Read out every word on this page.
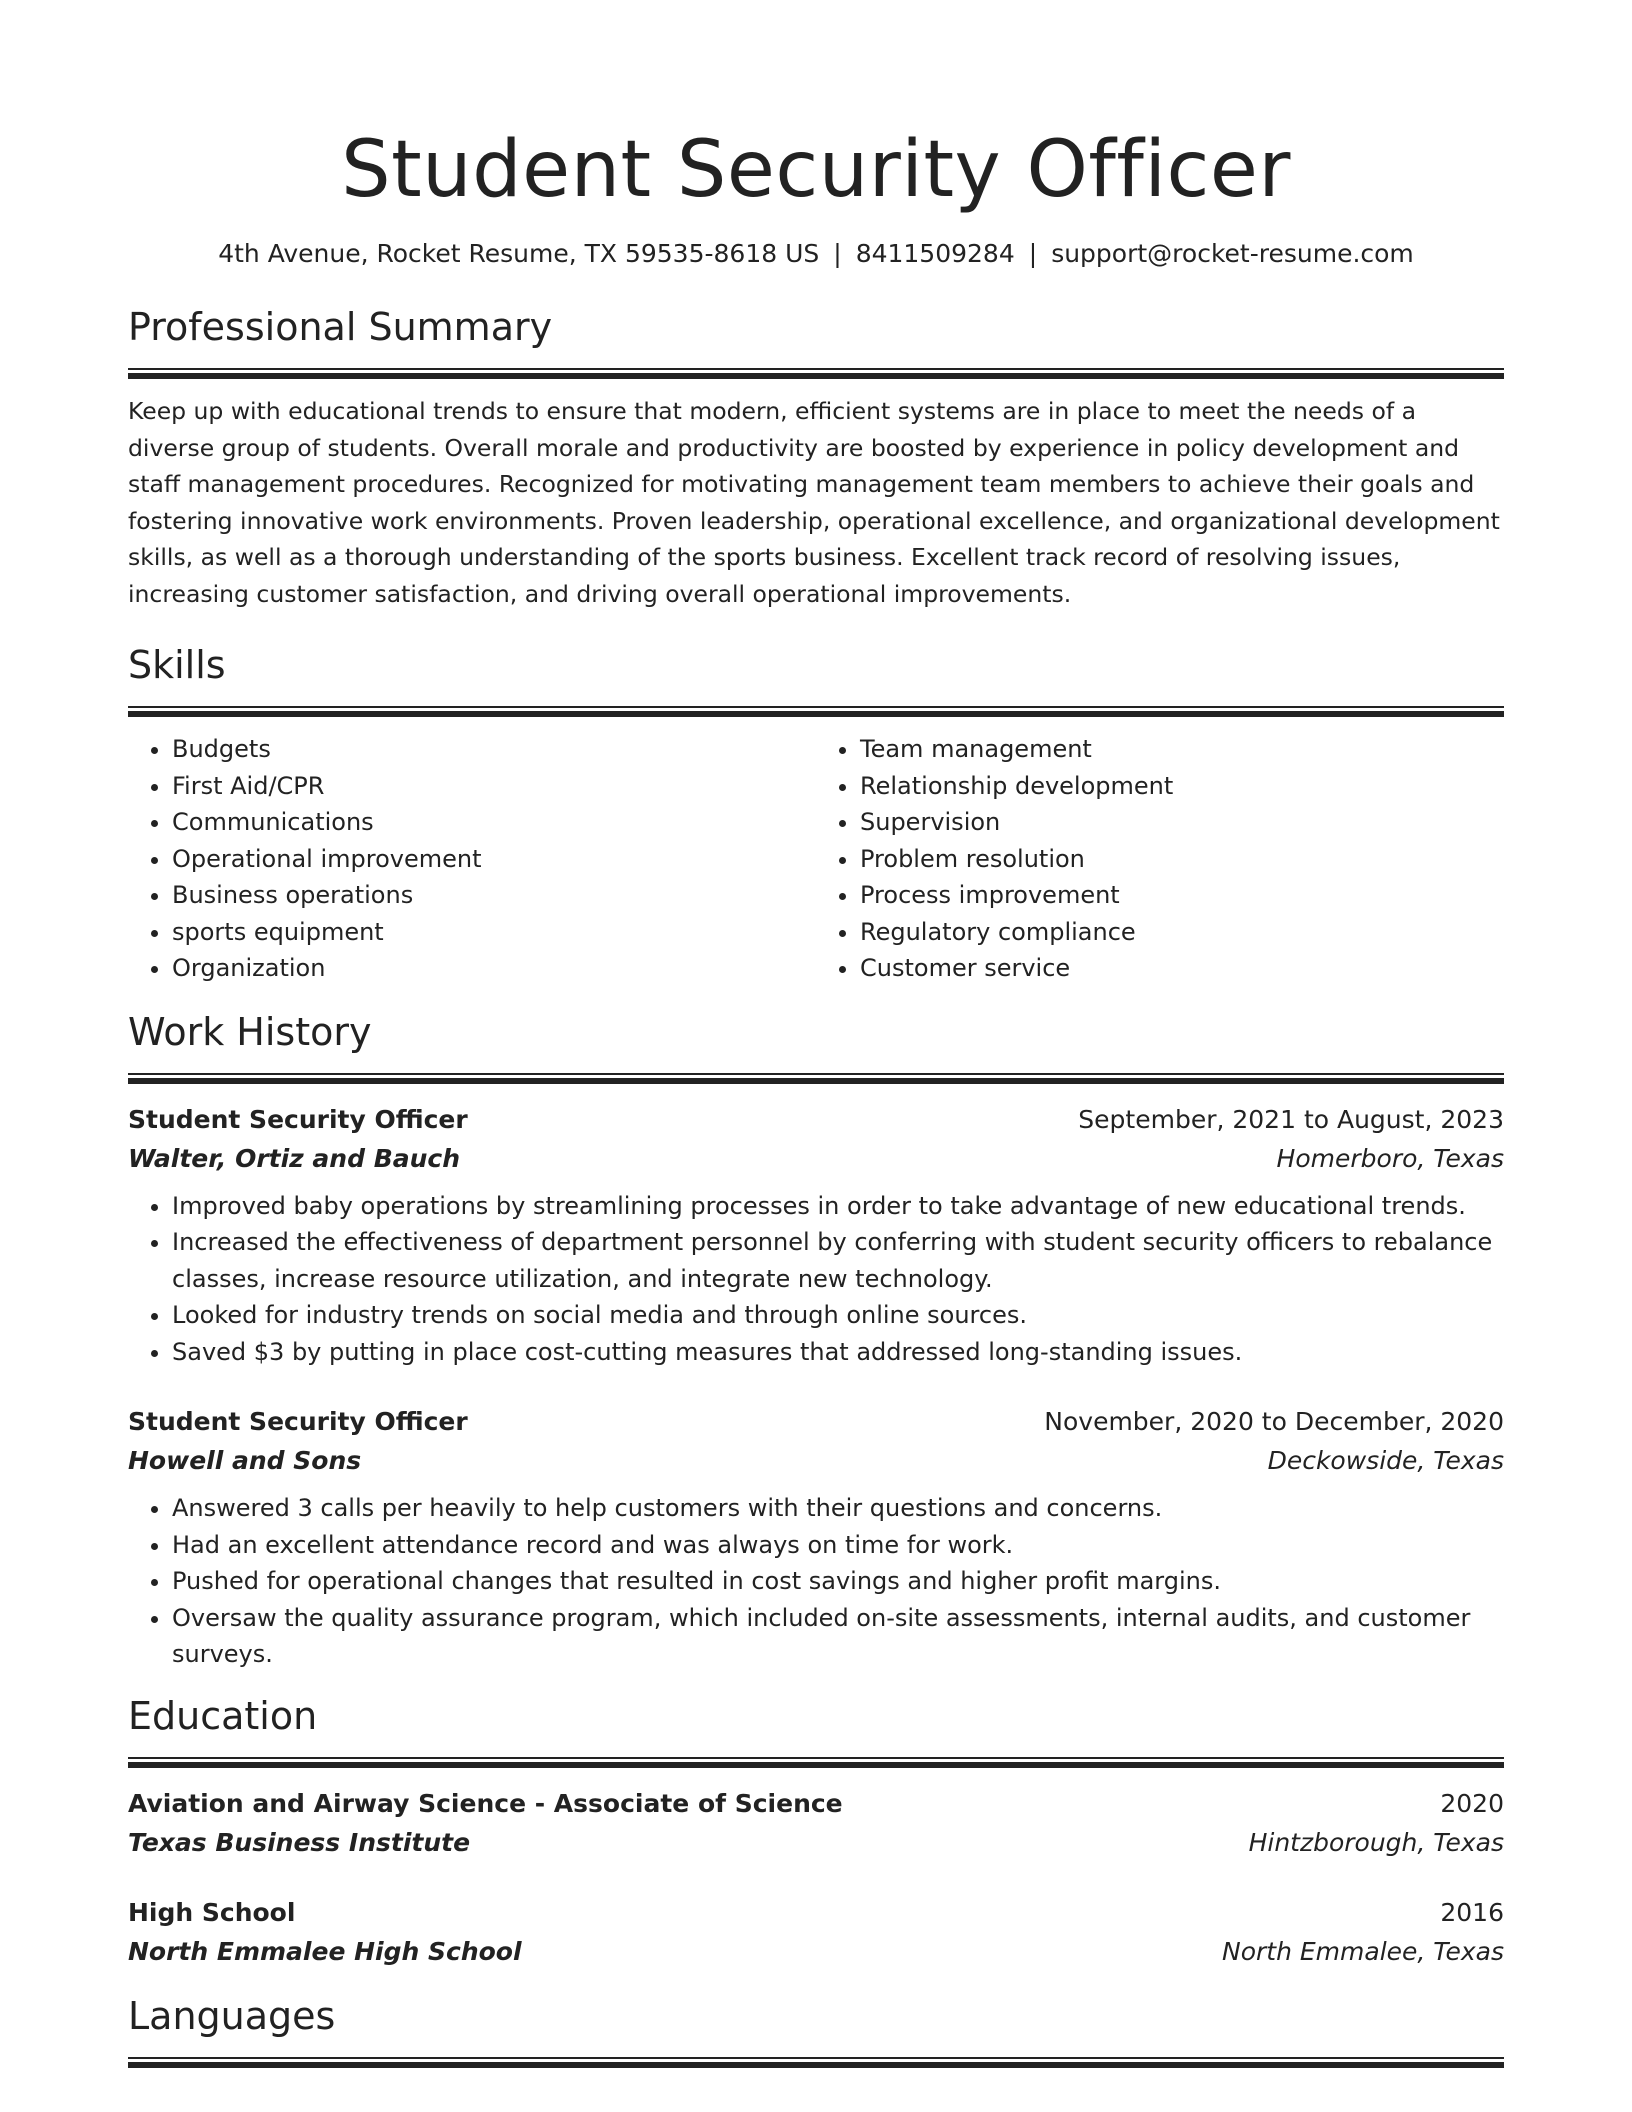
Student Security Officer
4th Avenue, Rocket Resume, TX 59535-8618 US | 8411509284 | support@rocket-resume.com
Professional Summary
Keep up with educational trends to ensure that modern, efficient systems are in place to meet the needs of a diverse group of students. Overall morale and productivity are boosted by experience in policy development and staff management procedures. Recognized for motivating management team members to achieve their goals and fostering innovative work environments. Proven leadership, operational excellence, and organizational development skills, as well as a thorough understanding of the sports business. Excellent track record of resolving issues, increasing customer satisfaction, and driving overall operational improvements.
Skills
• Budgets
• First Aid/CPR
• Communications
• Operational improvement
• Business operations
• sports equipment
• Organization
• Team management
• Relationship development
• Supervision
• Problem resolution
• Process improvement
• Regulatory compliance
• Customer service
Work History
Student Security Officer	September, 2021 to August, 2023
Walter, Ortiz and Bauch	Homerboro, Texas
• Improved baby operations by streamlining processes in order to take advantage of new educational trends.
• Increased the effectiveness of department personnel by conferring with student security officers to rebalance classes, increase resource utilization, and integrate new technology.
• Looked for industry trends on social media and through online sources.
• Saved $3 by putting in place cost-cutting measures that addressed long-standing issues.
Student Security Officer	November, 2020 to December, 2020
Howell and Sons	Deckowside, Texas
• Answered 3 calls per heavily to help customers with their questions and concerns.
• Had an excellent attendance record and was always on time for work.
• Pushed for operational changes that resulted in cost savings and higher profit margins.
• Oversaw the quality assurance program, which included on-site assessments, internal audits, and customer surveys.
Education
Aviation and Airway Science - Associate of Science	2020
Texas Business Institute	Hintzborough, Texas
High School	2016
North Emmalee High School	North Emmalee, Texas
Languages
